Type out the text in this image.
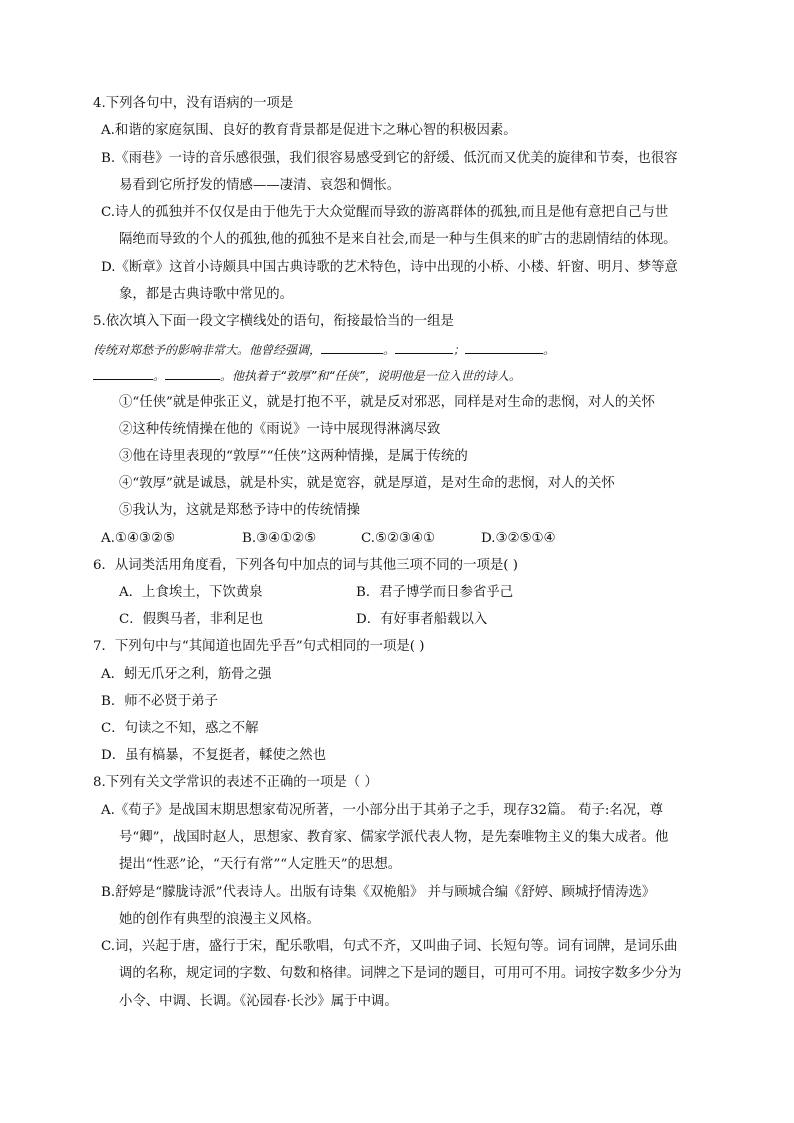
4.下列各句中，没有语病的一项是
A.和谐的家庭氛围、良好的教育背景都是促进卞之琳心智的积极因素。
B.《雨巷》一诗的音乐感很强，我们很容易感受到它的舒缓、低沉而又优美的旋律和节奏，也很容
易看到它所抒发的情感——凄清、哀怨和惆怅。
C.诗人的孤独并不仅仅是由于他先于大众觉醒而导致的游离群体的孤独,而且是他有意把自己与世
隔绝而导致的个人的孤独,他的孤独不是来自社会,而是一种与生俱来的旷古的悲剧情结的体现。
D.《断章》这首小诗颇具中国古典诗歌的艺术特色，诗中出现的小桥、小楼、轩窗、明月、梦等意
象，都是古典诗歌中常见的。
5.依次填入下面一段文字横线处的语句，衔接最恰当的一组是
传统对郑愁予的影响非常大。他曾经强调，	。	；	。
。	。他执着于“敦厚”和“任侠”，说明他是一位入世的诗人。
①“任侠”就是伸张正义，就是打抱不平，就是反对邪恶，同样是对生命的悲悯，对人的关怀
②这种传统情操在他的《雨说》一诗中展现得淋漓尽致
③他在诗里表现的“敦厚”“任侠”这两种情操，是属于传统的
④“敦厚”就是诚恳，就是朴实，就是宽容，就是厚道，是对生命的悲悯，对人的关怀
⑤我认为，这就是郑愁予诗中的传统情操
A.①④③②⑤	B.③④①②⑤	C.⑤②③④①	D.③②⑤①④
6．从词类活用角度看，下列各句中加点的词与其他三项不同的一项是( )
A．上食埃土，下饮黄泉	B．君子博学而日参省乎己
C．假舆马者，非利足也	D．有好事者船载以入
7．下列句中与“其闻道也固先乎吾”句式相同的一项是( )
A．蚓无爪牙之利，筋骨之强
B．师不必贤于弟子
C．句读之不知，惑之不解
D．虽有槁暴，不复挺者，輮使之然也
8.下列有关文学常识的表述不正确的一项是（ ）
A.《荀子》是战国末期思想家荀况所著，一小部分出于其弟子之手，现存32篇。 荀子:名况，尊
号“卿”，战国时赵人，思想家、教育家、儒家学派代表人物，是先秦唯物主义的集大成者。他
提出“性恶”论，“天行有常”“人定胜天”的思想。
B.舒婷是“朦胧诗派”代表诗人。出版有诗集《双桅船》 并与顾城合编《舒婷、顾城抒情涛选》
她的创作有典型的浪漫主义风格。
C.词，兴起于唐，盛行于宋，配乐歌唱，句式不齐，又叫曲子词、长短句等。词有词牌，是词乐曲
调的名称，规定词的字数、句数和格律。词牌之下是词的题目，可用可不用。词按字数多少分为
小令、中调、长调。《沁园春·长沙》属于中调。
